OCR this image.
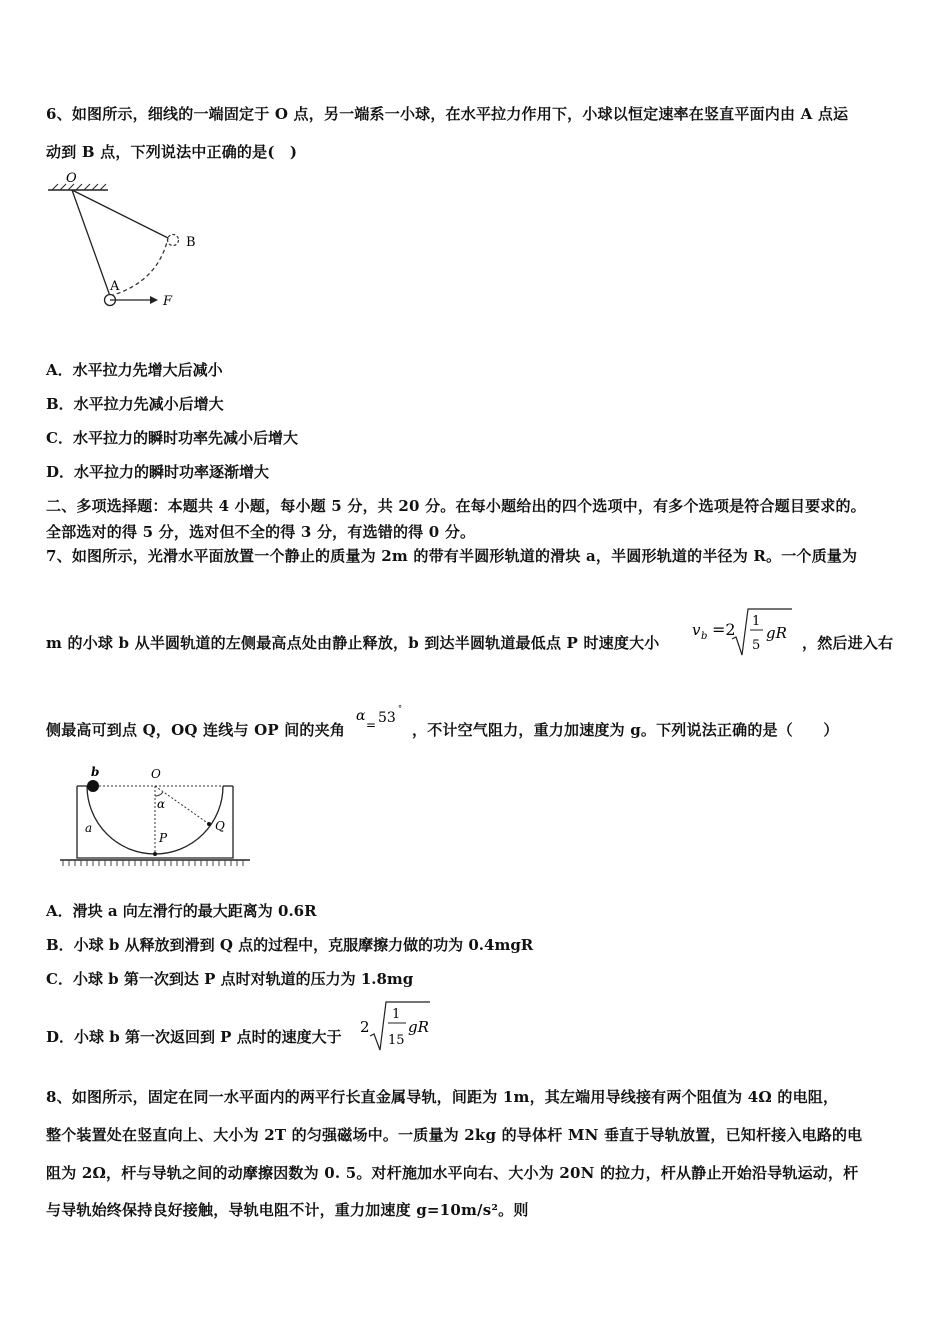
6、如图所示，细线的一端固定于 O 点，另一端系一小球，在水平拉力作用下，小球以恒定速率在竖直平面内由 A 点运
动到 B 点，下列说法中正确的是(　)
O
B
A
F
A．水平拉力先增大后减小
B．水平拉力先减小后增大
C．水平拉力的瞬时功率先减小后增大
D．水平拉力的瞬时功率逐渐增大
二、多项选择题：本题共 4 小题，每小题 5 分，共 20 分。在每小题给出的四个选项中，有多个选项是符合题目要求的。
全部选对的得 5 分，选对但不全的得 3 分，有选错的得 0 分。
7、如图所示，光滑水平面放置一个静止的质量为 2m 的带有半圆形轨道的滑块 a，半圆形轨道的半径为 R。一个质量为
m 的小球 b 从半圆轨道的左侧最高点处由静止释放，b 到达半圆轨道最低点 P 时速度大小
v b =2 1
5
gR
，然后进入右
侧最高可到点 Q，OQ 连线与 OP 间的夹角
α
= 53
°
，不计空气阻力，重力加速度为 g。下列说法正确的是（　　）
b	O
α
Q
P
a
A．滑块 a 向左滑行的最大距离为 0.6R
B．小球 b 从释放到滑到 Q 点的过程中，克服摩擦力做的功为 0.4mgR
C．小球 b 第一次到达 P 点时对轨道的压力为 1.8mg
D．小球 b 第一次返回到 P 点时的速度大于
2
1
15
gR
8、如图所示，固定在同一水平面内的两平行长直金属导轨，间距为 1m，其左端用导线接有两个阻值为 4Ω 的电阻，
整个装置处在竖直向上、大小为 2T 的匀强磁场中。一质量为 2kg 的导体杆 MN 垂直于导轨放置，已知杆接入电路的电
阻为 2Ω，杆与导轨之间的动摩擦因数为 0. 5。对杆施加水平向右、大小为 20N 的拉力，杆从静止开始沿导轨运动，杆
与导轨始终保持良好接触，导轨电阻不计，重力加速度 g=10m/s²。则
